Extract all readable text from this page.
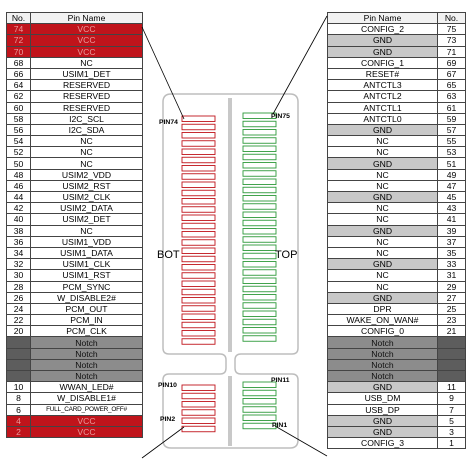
No.	Pin Name
74	VCC
72	VCC
70	VCC
68	NC
66	USIM1_DET
64	RESERVED
62	RESERVED
60	RESERVED
58	I2C_SCL
56	I2C_SDA
54	NC
52	NC
50	NC
48	USIM2_VDD
46	USIM2_RST
44	USIM2_CLK
42	USIM2_DATA
40	USIM2_DET
38	NC
36	USIM1_VDD
34	USIM1_DATA
32	USIM1_CLK
30	USIM1_RST
28	PCM_SYNC
26	W_DISABLE2#
24	PCM_OUT
22	PCM_IN
20	PCM_CLK
	Notch
	Notch
	Notch
	Notch
10	WWAN_LED#
8	W_DISABLE1#
6	FULL_CARD_POWER_OFF#
4	VCC
2	VCC
Pin Name	No.
CONFIG_2	75
GND	73
GND	71
CONFIG_1	69
RESET#	67
ANTCTL3	65
ANTCTL2	63
ANTCTL1	61
ANTCTL0	59
GND	57
NC	55
NC	53
GND	51
NC	49
NC	47
GND	45
NC	43
NC	41
GND	39
NC	37
NC	35
GND	33
NC	31
NC	29
GND	27
DPR	25
WAKE_ON_WAN#	23
CONFIG_0	21
Notch	
Notch	
Notch	
Notch	
GND	11
USB_DM	9
USB_DP	7
GND	5
GND	3
CONFIG_3	1
PIN74
PIN75
PIN10
PIN11
PIN2
PIN1
BOT	TOP
